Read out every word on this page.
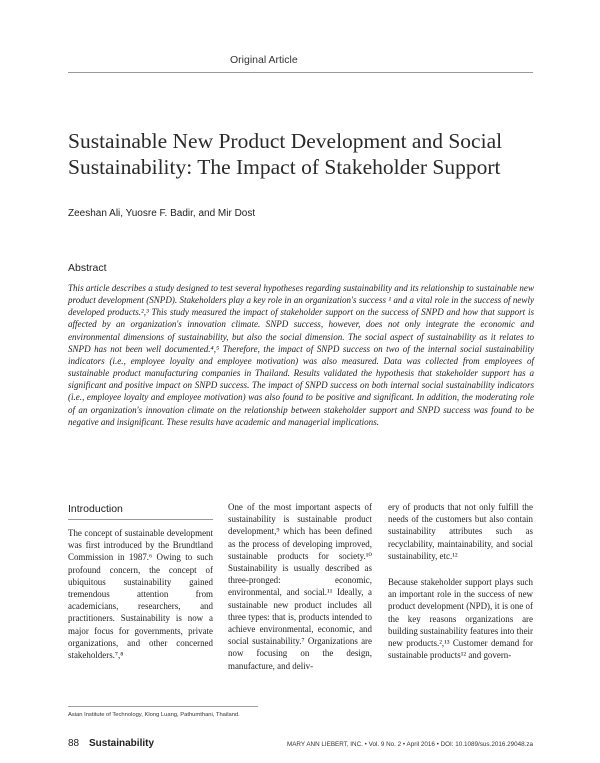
Original Article
Sustainable New Product Development and Social Sustainability: The Impact of Stakeholder Support
Zeeshan Ali, Yuosre F. Badir, and Mir Dost
Abstract

This article describes a study designed to test several hypotheses regarding sustainability and its relationship to sustainable new product development (SNPD). Stakeholders play a key role in an organization's success ¹ and a vital role in the success of newly developed products.²,³ This study measured the impact of stakeholder support on the success of SNPD and how that support is affected by an organization's innovation climate. SNPD success, however, does not only integrate the economic and environmental dimensions of sustainability, but also the social dimension. The social aspect of sustainability as it relates to SNPD has not been well documented.⁴,⁵ Therefore, the impact of SNPD success on two of the internal social sustainability indicators (i.e., employee loyalty and employee motivation) was also measured. Data was collected from employees of sustainable product manufacturing companies in Thailand. Results validated the hypothesis that stakeholder support has a significant and positive impact on SNPD success. The impact of SNPD success on both internal social sustainability indicators (i.e., employee loyalty and employee motivation) was also found to be positive and significant. In addition, the moderating role of an organization's innovation climate on the relationship between stakeholder support and SNPD success was found to be negative and insignificant. These results have academic and managerial implications.

Introduction

The concept of sustainable development was first introduced by the Brundtland Commission in 1987.⁶ Owing to such profound concern, the concept of ubiquitous sustainability gained tremendous attention from academicians, researchers, and practitioners. Sustainability is now a major focus for governments, private organizations, and other concerned stakeholders.⁷,⁸

One of the most important aspects of sustainability is sustainable product development,⁹ which has been defined as the process of developing improved, sustainable products for society.¹⁰ Sustainability is usually described as three-pronged: economic, environmental, and social.¹¹ Ideally, a sustainable new product includes all three types: that is, products intended to achieve environmental, economic, and social sustainability.⁷ Organizations are now focusing on the design, manufacture, and deliv-

ery of products that not only fulfill the needs of the customers but also contain sustainability attributes such as recyclability, maintainability, and social sustainability, etc.¹²

Because stakeholder support plays such an important role in the success of new product development (NPD), it is one of the key reasons organizations are building sustainability features into their new products.²,¹³ Customer demand for sustainable products¹² and govern-

Asian Institute of Technology, Klong Luang, Pathumthani, Thailand.
88 Sustainability	MARY ANN LIEBERT, INC. • Vol. 9 No. 2 • April 2016 • DOI: 10.1089/sus.2016.29048.za
